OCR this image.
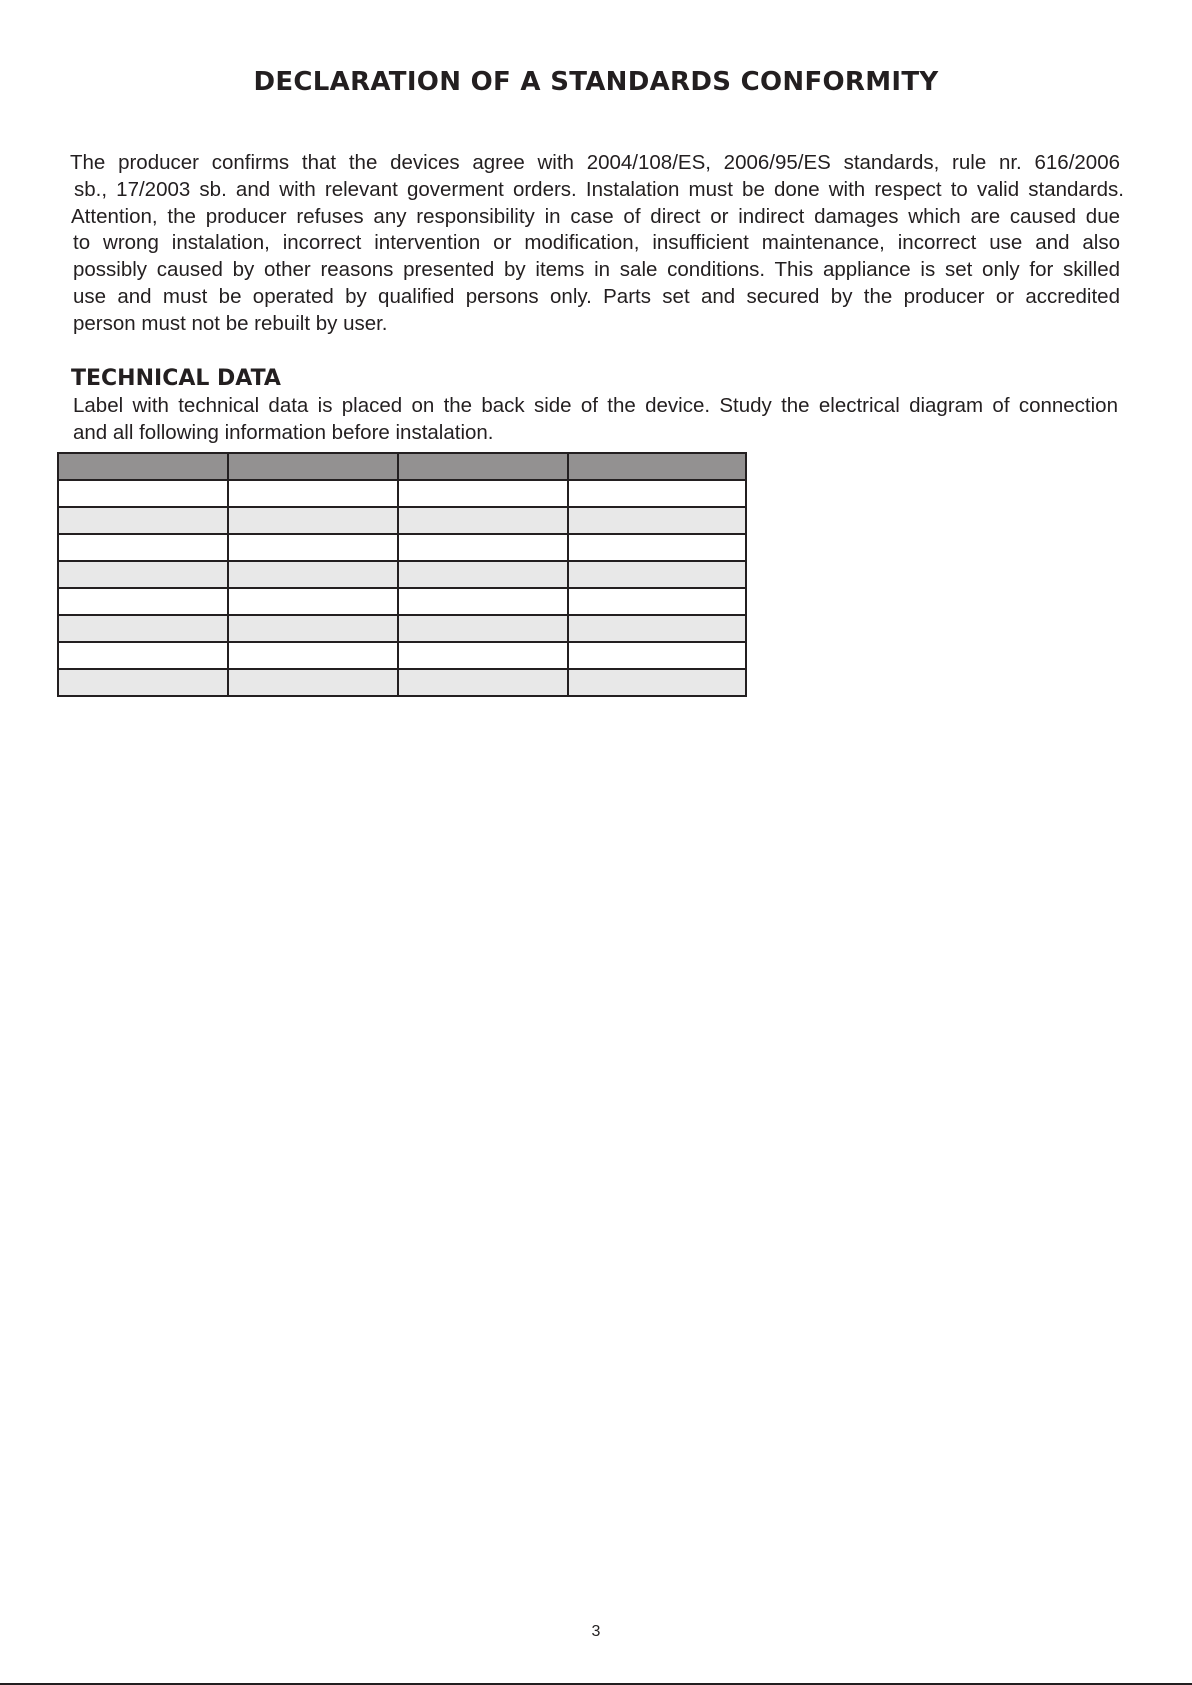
DECLARATION OF A STANDARDS CONFORMITY
The producer confirms that the devices agree with 2004/108/ES, 2006/95/ES standards, rule nr. 616/2006
sb., 17/2003 sb. and with relevant goverment orders. Instalation must be done with respect to valid standards.
Attention, the producer refuses any responsibility in case of direct or indirect damages which are caused due
to wrong instalation, incorrect intervention or modification, insufficient maintenance, incorrect use and also
possibly caused by other reasons presented by items in sale conditions. This appliance is set only for skilled
use and must be operated by qualified persons only. Parts set and secured by the producer or accredited
person must not be rebuilt by user.
TECHNICAL DATA
Label with technical data is placed on the back side of the device. Study the electrical diagram of connection
and all following information before instalation.

3
